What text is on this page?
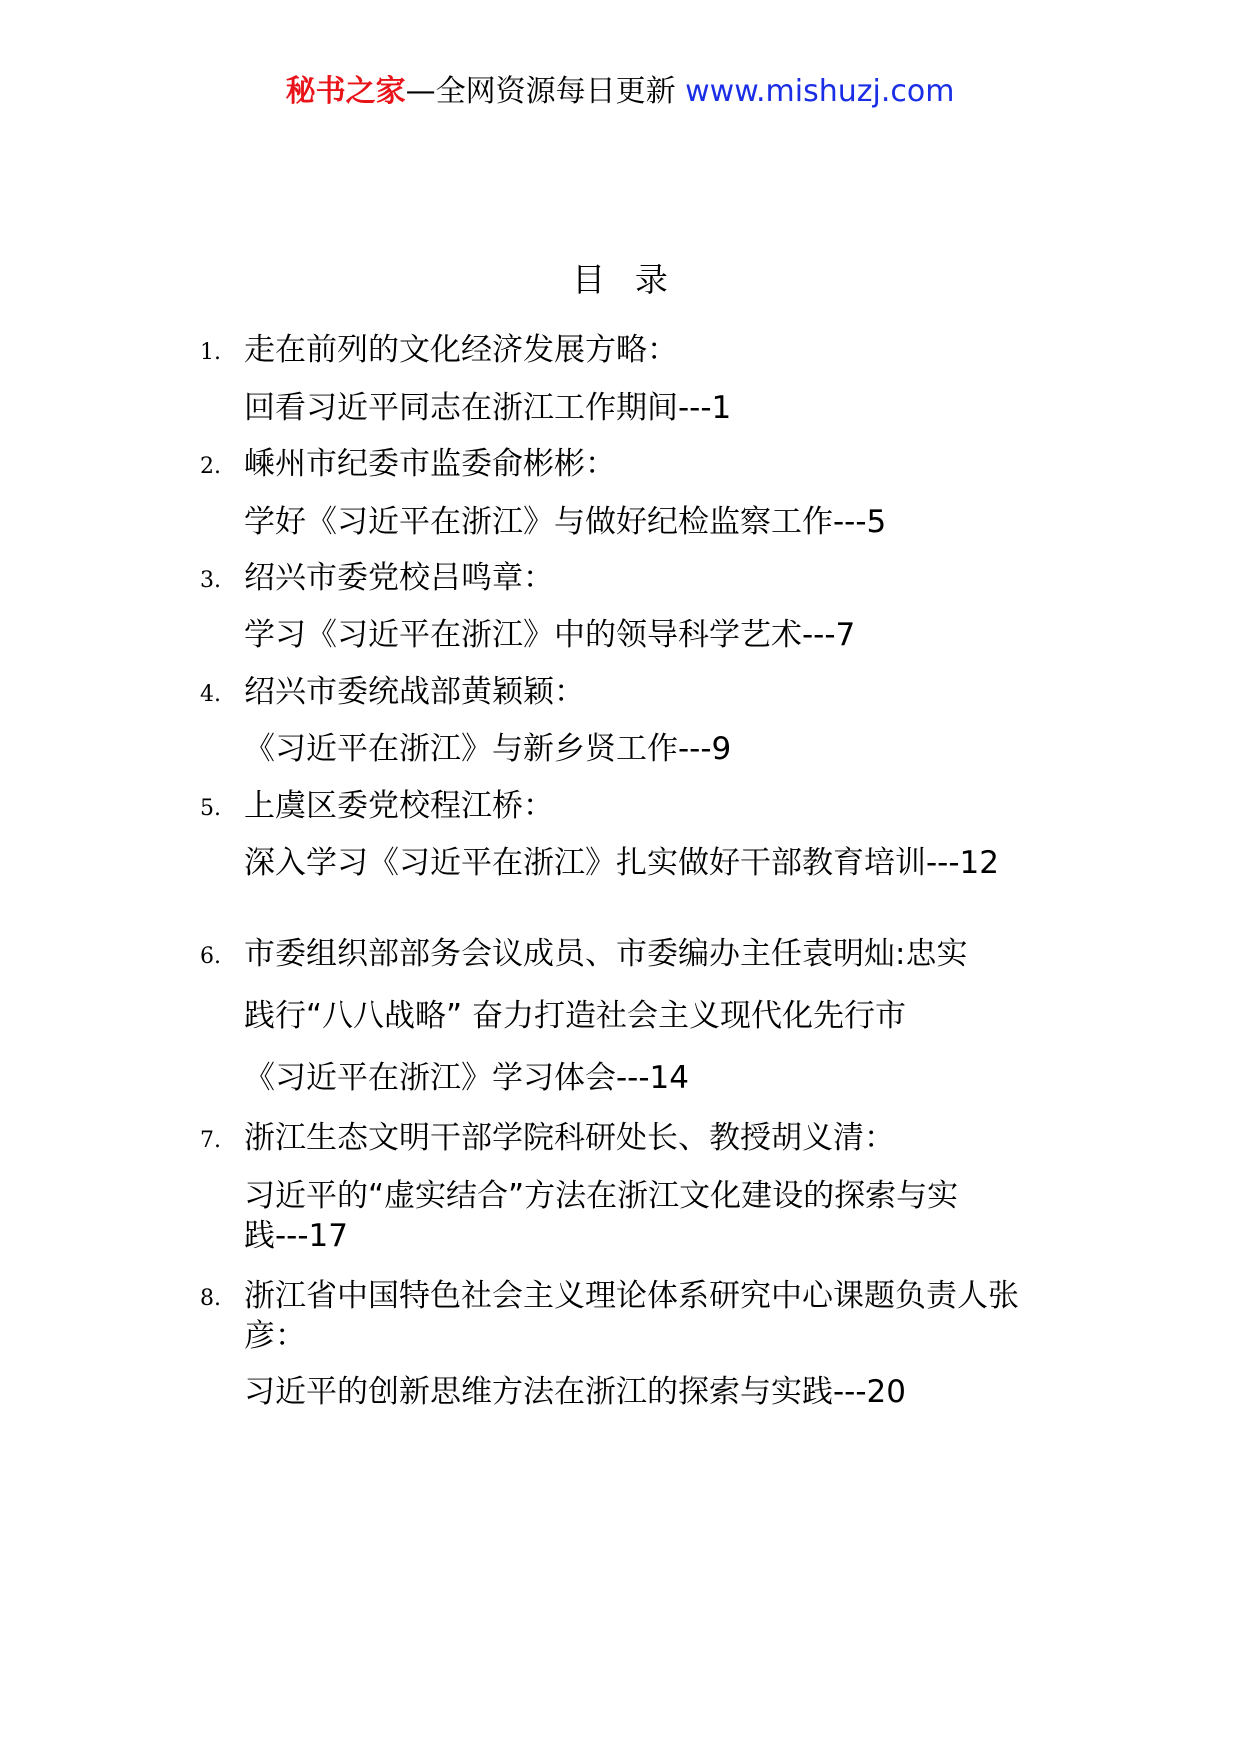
秘书之家—全网资源每日更新 www.mishuzj.com
目录
1. 走在前列的文化经济发展方略：
回看习近平同志在浙江工作期间---1
2. 嵊州市纪委市监委俞彬彬：
学好《习近平在浙江》与做好纪检监察工作---5
3. 绍兴市委党校吕鸣章：
学习《习近平在浙江》中的领导科学艺术---7
4. 绍兴市委统战部黄颖颖：
《习近平在浙江》与新乡贤工作---9
5. 上虞区委党校程江桥：
深入学习《习近平在浙江》扎实做好干部教育培训---12
6. 市委组织部部务会议成员、市委编办主任袁明灿:忠实
践行“八八战略” 奋力打造社会主义现代化先行市
《习近平在浙江》学习体会---14
7. 浙江生态文明干部学院科研处长、教授胡义清：
习近平的“虚实结合”方法在浙江文化建设的探索与实践---17
8. 浙江省中国特色社会主义理论体系研究中心课题负责人张彦：
习近平的创新思维方法在浙江的探索与实践---20
